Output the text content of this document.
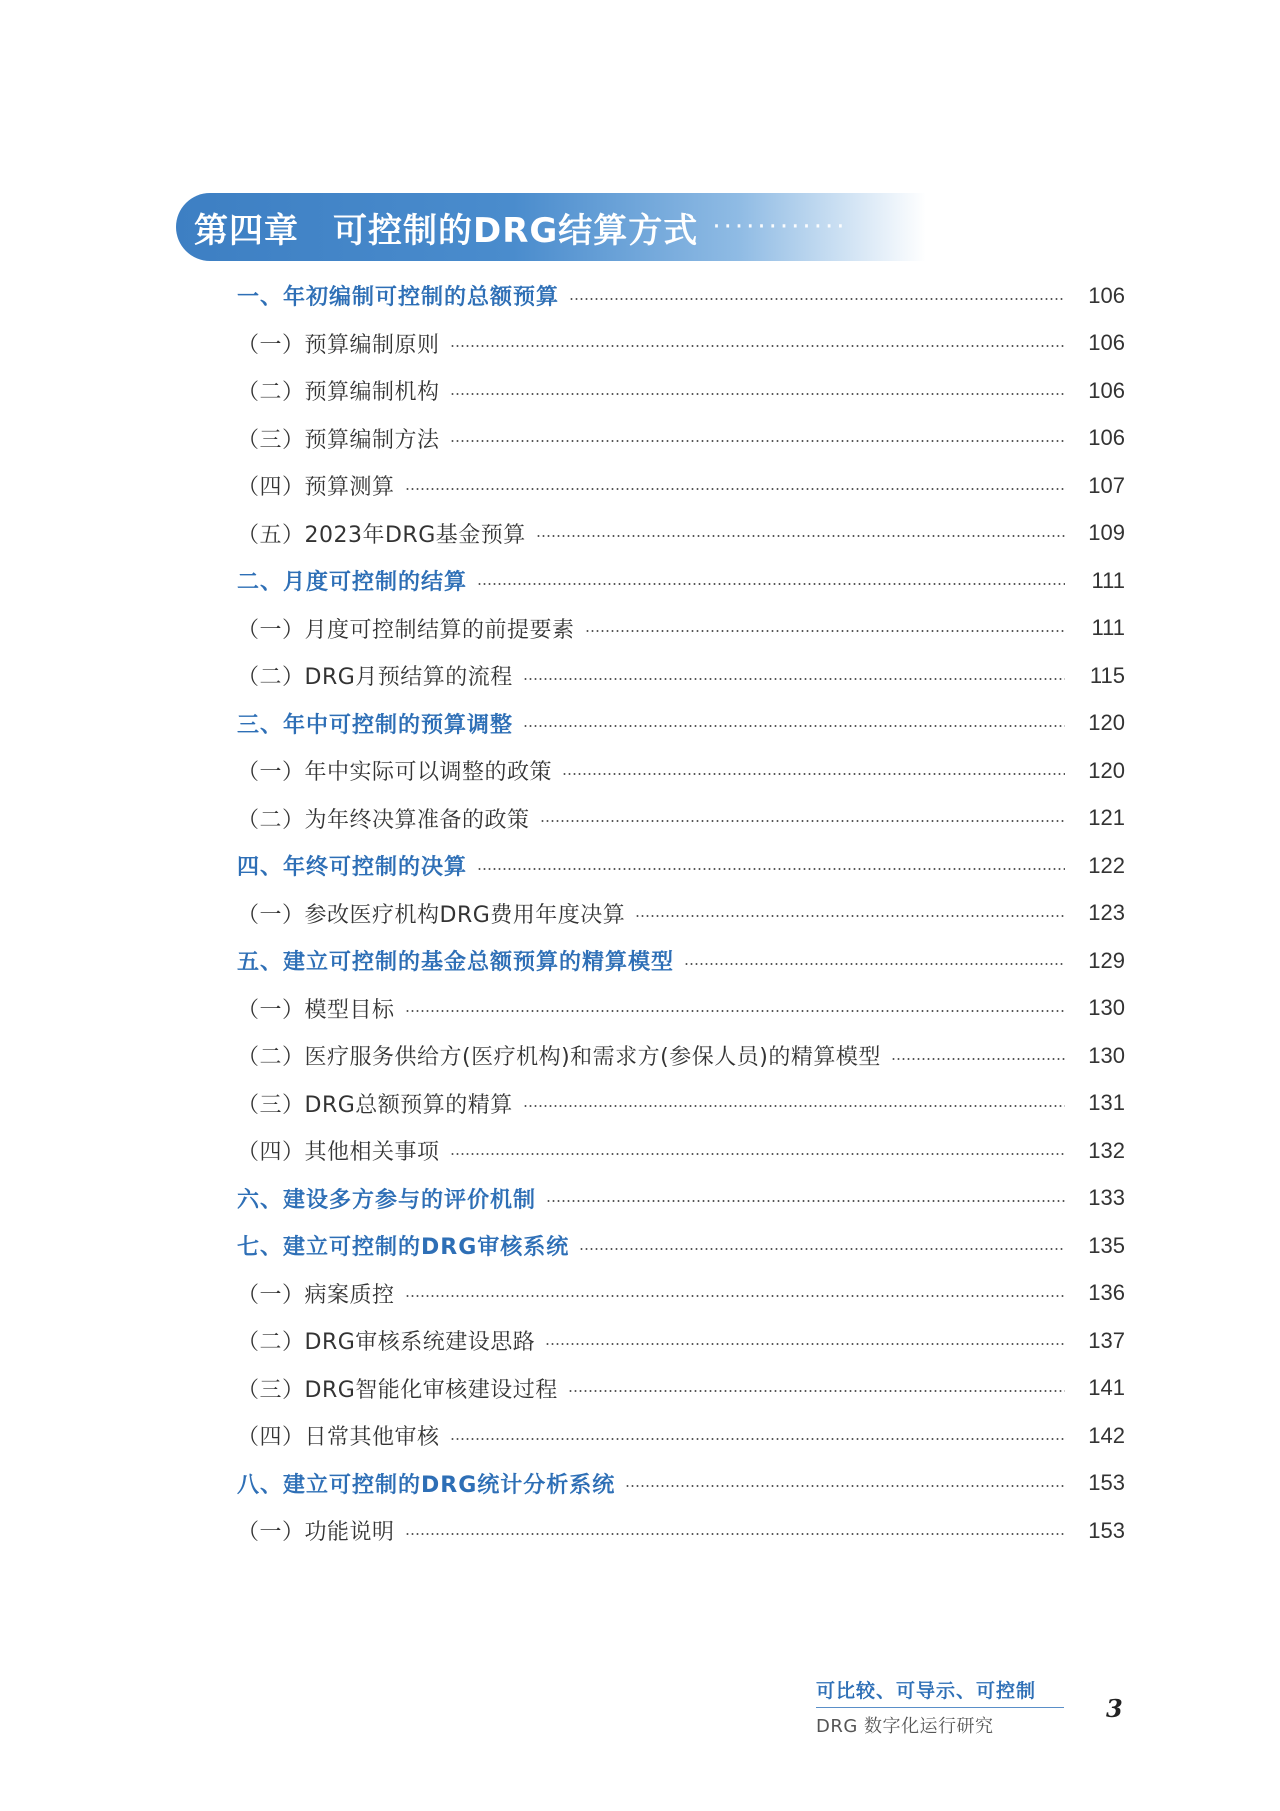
第四章 可控制的DRG结算方式 ············
一、年初编制可控制的总额预算	106
（一）预算编制原则	106
（二）预算编制机构	106
（三）预算编制方法	106
（四）预算测算	107
（五）2023年DRG基金预算	109
二、月度可控制的结算	111
（一）月度可控制结算的前提要素	111
（二）DRG月预结算的流程	115
三、年中可控制的预算调整	120
（一）年中实际可以调整的政策	120
（二）为年终决算准备的政策	121
四、年终可控制的决算	122
（一）参改医疗机构DRG费用年度决算	123
五、建立可控制的基金总额预算的精算模型	129
（一）模型目标	130
（二）医疗服务供给方(医疗机构)和需求方(参保人员)的精算模型	130
（三）DRG总额预算的精算	131
（四）其他相关事项	132
六、建设多方参与的评价机制	133
七、建立可控制的DRG审核系统	135
（一）病案质控	136
（二）DRG审核系统建设思路	137
（三）DRG智能化审核建设过程	141
（四）日常其他审核	142
八、建立可控制的DRG统计分析系统	153
（一）功能说明	153
可比较、可导示、可控制
DRG 数字化运行研究
3
